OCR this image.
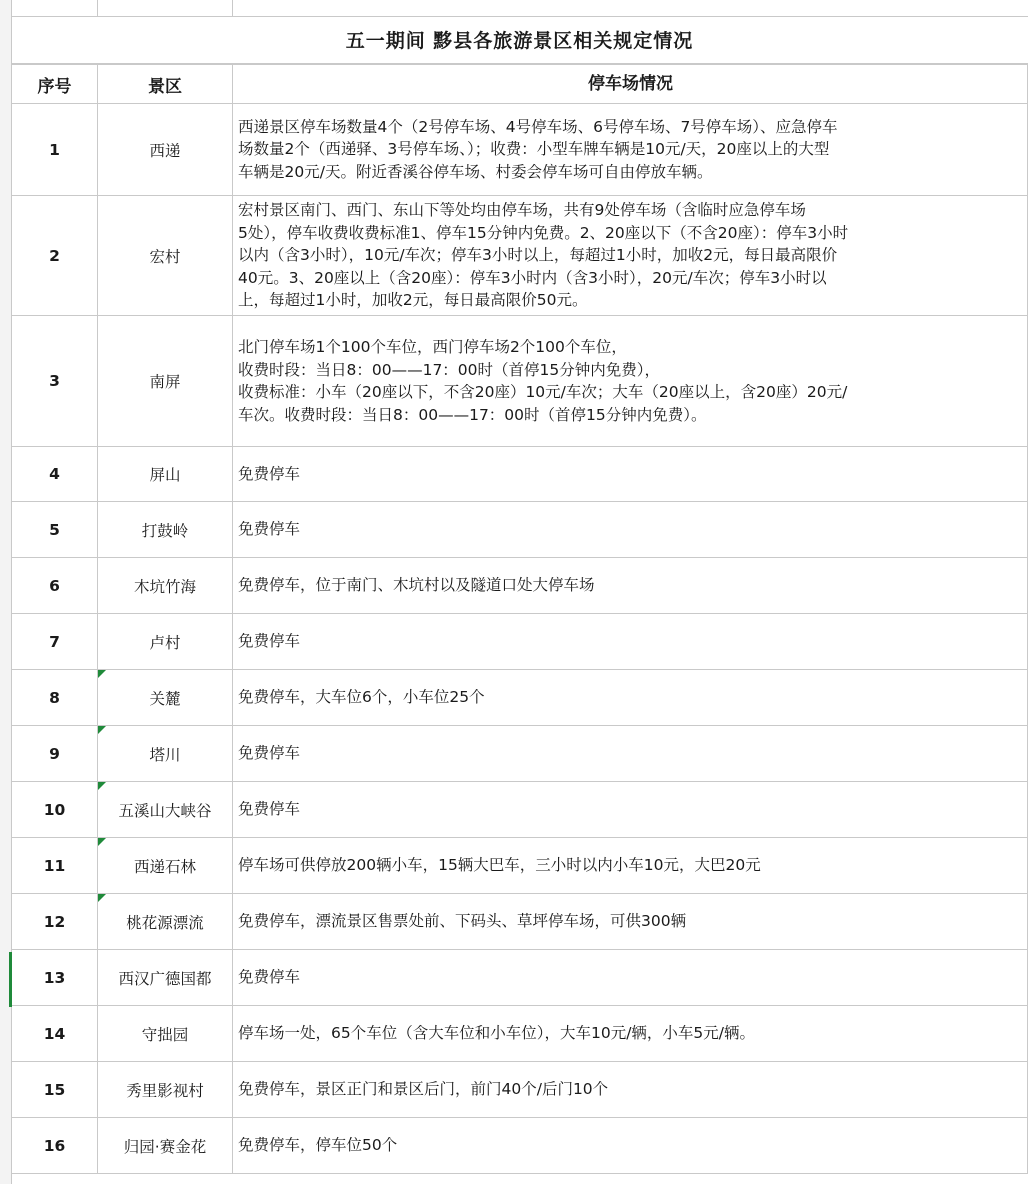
五一期间 黟县各旅游景区相关规定情况
序号	景区	停车场情况
1	西递	西递景区停车场数量4个（2号停车场、4号停车场、6号停车场、7号停车场）、应急停车
场数量2个（西递驿、3号停车场、）；收费：小型车牌车辆是10元/天，20座以上的大型
车辆是20元/天。附近香溪谷停车场、村委会停车场可自由停放车辆。

2	宏村	宏村景区南门、西门、东山下等处均由停车场，共有9处停车场（含临时应急停车场
5处），停车收费收费标准1、停车15分钟内免费。2、20座以下（不含20座）：停车3小时
以内（含3小时），10元/车次；停车3小时以上，每超过1小时，加收2元，每日最高限价
40元。3、20座以上（含20座）：停车3小时内（含3小时），20元/车次；停车3小时以
上，每超过1小时，加收2元，每日最高限价50元。

3	南屏	北门停车场1个100个车位，西门停车场2个100个车位，
收费时段：当日8：00——17：00时（首停15分钟内免费），
收费标准：小车（20座以下，不含20座）10元/车次；大车（20座以上，含20座）20元/
车次。收费时段：当日8：00——17：00时（首停15分钟内免费）。

4	屏山	免费停车

5	打鼓岭	免费停车

6	木坑竹海	免费停车，位于南门、木坑村以及隧道口处大停车场

7	卢村	免费停车

8	关麓	免费停车，大车位6个，小车位25个

9	塔川	免费停车

10	五溪山大峡谷	免费停车

11	西递石林	停车场可供停放200辆小车，15辆大巴车，三小时以内小车10元，大巴20元

12	桃花源漂流	免费停车，漂流景区售票处前、下码头、草坪停车场，可供300辆

13	西汉广德国都	免费停车

14	守拙园	停车场一处，65个车位（含大车位和小车位），大车10元/辆，小车5元/辆。

15	秀里影视村	免费停车，景区正门和景区后门，前门40个/后门10个

16	归园·赛金花	免费停车，停车位50个
